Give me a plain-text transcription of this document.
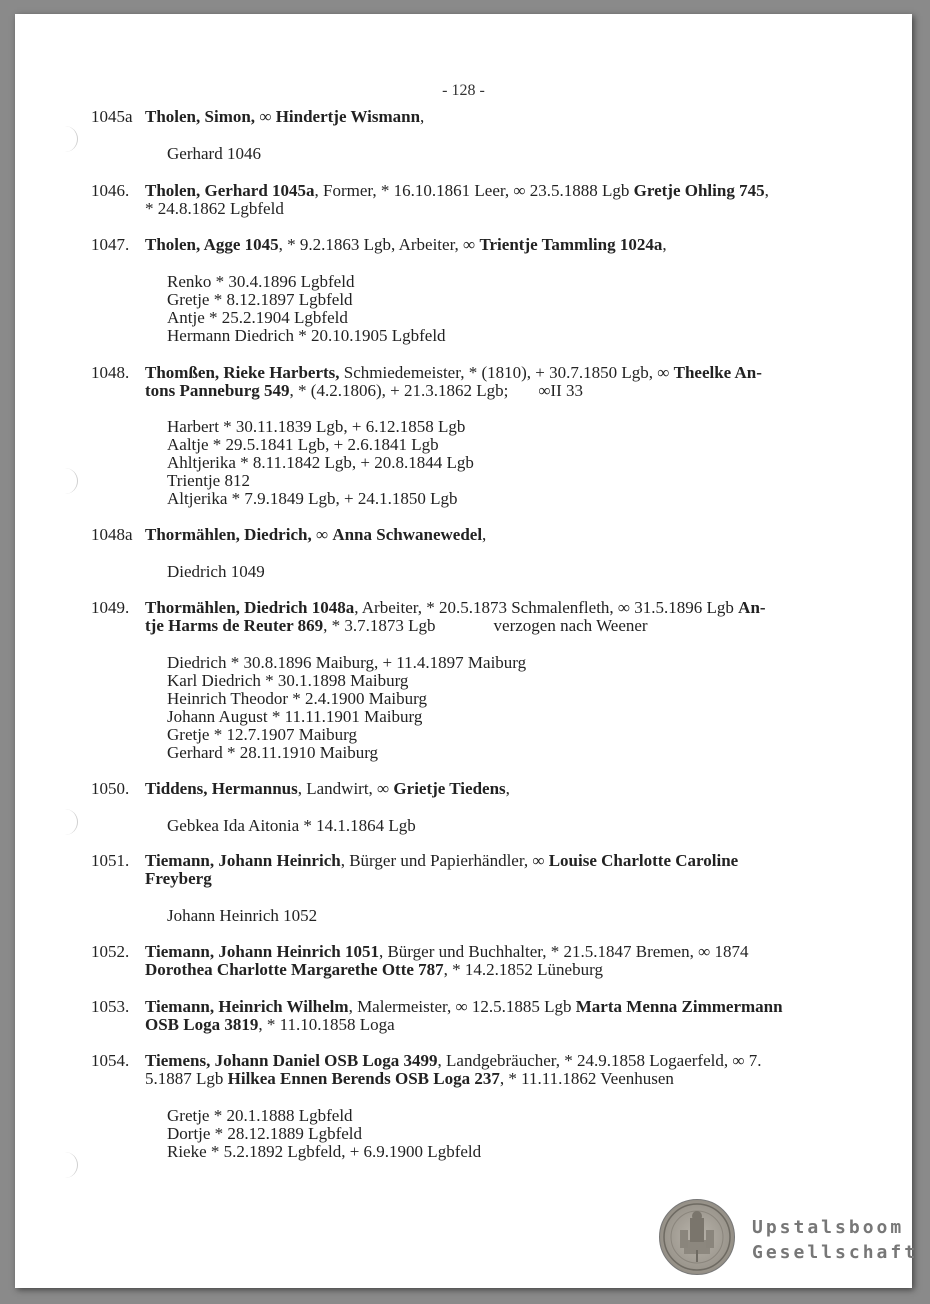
- 128 -
1045a Tholen, Simon, ∞ Hindertje Wismann,
Gerhard 1046
1046. Tholen, Gerhard 1045a, Former, * 16.10.1861 Leer, ∞ 23.5.1888 Lgb Gretje Ohling 745,
* 24.8.1862 Lgbfeld
1047. Tholen, Agge 1045, * 9.2.1863 Lgb, Arbeiter, ∞ Trientje Tammling 1024a,
Renko * 30.4.1896 Lgbfeld
Gretje * 8.12.1897 Lgbfeld
Antje * 25.2.1904 Lgbfeld
Hermann Diedrich * 20.10.1905 Lgbfeld
1048. Thomßen, Rieke Harberts, Schmiedemeister, * (1810), + 30.7.1850 Lgb, ∞ Theelke An-
tons Panneburg 549, * (4.2.1806), + 21.3.1862 Lgb; ∞II 33
Harbert * 30.11.1839 Lgb, + 6.12.1858 Lgb
Aaltje * 29.5.1841 Lgb, + 2.6.1841 Lgb
Ahltjerika * 8.11.1842 Lgb, + 20.8.1844 Lgb
Trientje 812
Altjerika * 7.9.1849 Lgb, + 24.1.1850 Lgb
1048a Thormählen, Diedrich, ∞ Anna Schwanewedel,
Diedrich 1049
1049. Thormählen, Diedrich 1048a, Arbeiter, * 20.5.1873 Schmalenfleth, ∞ 31.5.1896 Lgb An-
tje Harms de Reuter 869, * 3.7.1873 Lgb	verzogen nach Weener
Diedrich * 30.8.1896 Maiburg, + 11.4.1897 Maiburg
Karl Diedrich * 30.1.1898 Maiburg
Heinrich Theodor * 2.4.1900 Maiburg
Johann August * 11.11.1901 Maiburg
Gretje * 12.7.1907 Maiburg
Gerhard * 28.11.1910 Maiburg
1050. Tiddens, Hermannus, Landwirt, ∞ Grietje Tiedens,
Gebkea Ida Aitonia * 14.1.1864 Lgb
1051. Tiemann, Johann Heinrich, Bürger und Papierhändler, ∞ Louise Charlotte Caroline
Freyberg
Johann Heinrich 1052
1052. Tiemann, Johann Heinrich 1051, Bürger und Buchhalter, * 21.5.1847 Bremen, ∞ 1874
Dorothea Charlotte Margarethe Otte 787, * 14.2.1852 Lüneburg
1053. Tiemann, Heinrich Wilhelm, Malermeister, ∞ 12.5.1885 Lgb Marta Menna Zimmermann
OSB Loga 3819, * 11.10.1858 Loga
1054. Tiemens, Johann Daniel OSB Loga 3499, Landgebräucher, * 24.9.1858 Logaerfeld, ∞ 7.
5.1887 Lgb Hilkea Ennen Berends OSB Loga 237, * 11.11.1862 Veenhusen
Gretje * 20.1.1888 Lgbfeld
Dortje * 28.12.1889 Lgbfeld
Rieke * 5.2.1892 Lgbfeld, + 6.9.1900 Lgbfeld
Upstalsboom
Gesellschaft
